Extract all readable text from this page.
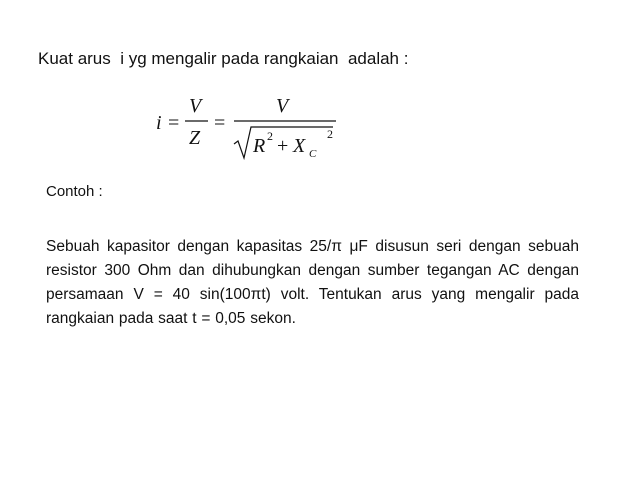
Kuat arus  i yg mengalir pada rangkaian  adalah :
i =
V
Z
=
V
R 2 + X C
2
Contoh :
Sebuah kapasitor dengan kapasitas 25/π μF disusun seri dengan sebuah resistor 300 Ohm dan dihubungkan dengan sumber tegangan AC dengan persamaan V = 40 sin(100πt) volt. Tentukan arus yang mengalir pada rangkaian pada saat t = 0,05 sekon.
